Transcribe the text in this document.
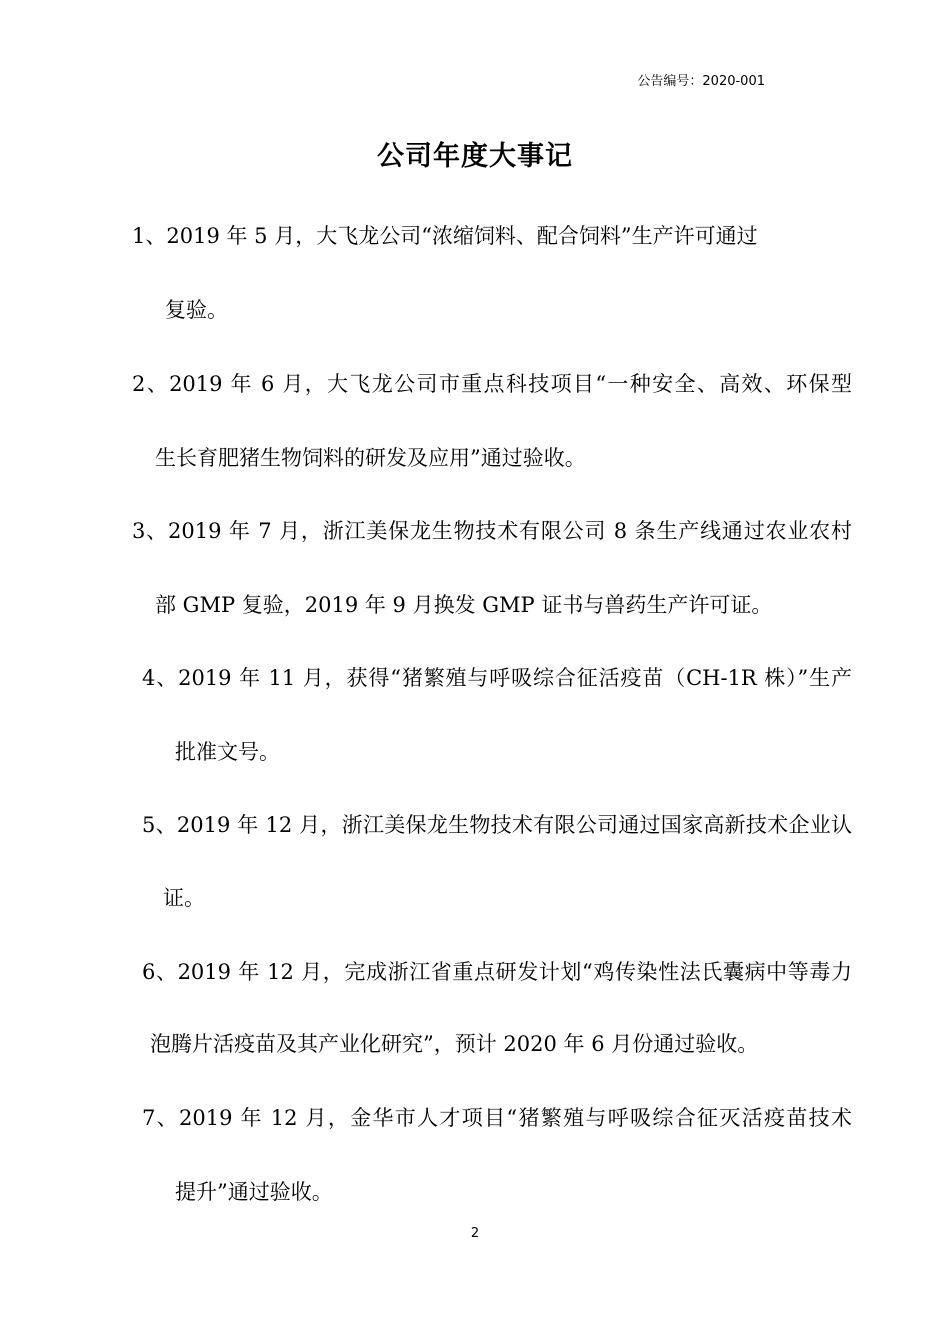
公告编号：2020-001
公司年度大事记
1、2019 年 5 月，大飞龙公司“浓缩饲料、配合饲料”生产许可通过
复验。
2、2019 年 6 月，大飞龙公司市重点科技项目“一种安全、高效、环保型
生长育肥猪生物饲料的研发及应用”通过验收。
3、2019 年 7 月，浙江美保龙生物技术有限公司 8 条生产线通过农业农村
部 GMP 复验，2019 年 9 月换发 GMP 证书与兽药生产许可证。
4、2019 年 11 月，获得“猪繁殖与呼吸综合征活疫苗（CH-1R 株）”生产
批准文号。
5、2019 年 12 月，浙江美保龙生物技术有限公司通过国家高新技术企业认
证。
6、2019 年 12 月，完成浙江省重点研发计划“鸡传染性法氏囊病中等毒力
泡腾片活疫苗及其产业化研究”，预计 2020 年 6 月份通过验收。
7、2019 年 12 月，金华市人才项目“猪繁殖与呼吸综合征灭活疫苗技术
提升”通过验收。
2
